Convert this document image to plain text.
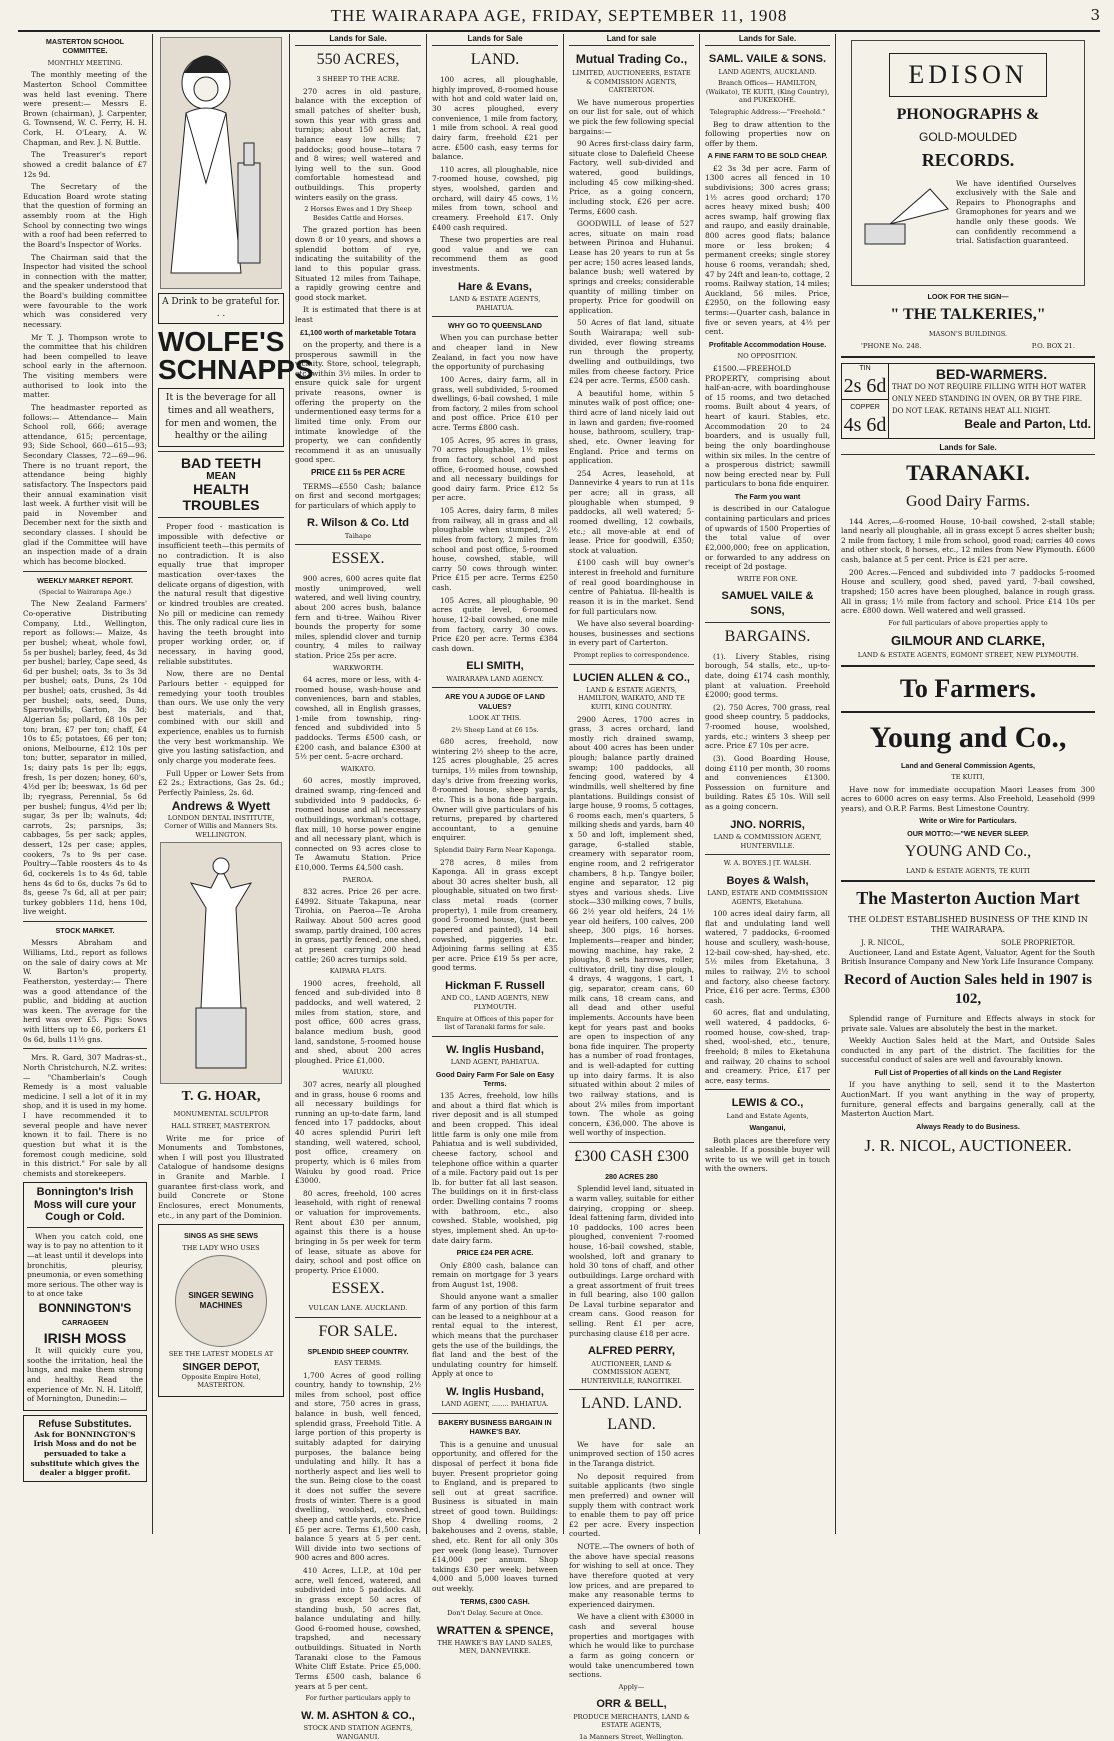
THE WAIRARAPA AGE, FRIDAY, SEPTEMBER 11, 1908	3
MASTERTON SCHOOL COMMITTEE.
MONTHLY MEETING.

The monthly meeting of the Masterton School Committee was held last evening. There were present:— Messrs E. Brown (chairman), J. Carpenter, G. Townsend, W. C. Ferry, H. H. Cork, H. O'Leary, A. W. Chapman, and Rev. J. N. Buttle.

The Treasurer's report showed a credit balance of £7 12s 9d.

The Secretary of the Education Board wrote stating that the question of forming an assembly room at the High School by connecting two wings with a roof had been referred to the Board's Inspector of Works.

The Chairman said that the Inspector had visited the school in connection with the matter, and the speaker understood that the Board's building committee were favourable to the work which was considered very necessary.

Mr T. J. Thompson wrote to the committee that his children had been compelled to leave school early in the afternoon. The visiting members were authorised to look into the matter.

The headmaster reported as follows:— Attendance— Main School roll, 666; average attendance, 615; percentage, 93; Side School, 660—615—93; Secondary Classes, 72—69—96. There is no truant report, the attendance being highly satisfactory. The Inspectors paid their annual examination visit last week. A further visit will be paid in November and December next for the sixth and secondary classes. I should be glad if the Committee will have an inspection made of a drain which has become blocked.

WEEKLY MARKET REPORT.
(Special to Wairarapa Age.)

The New Zealand Farmers' Co-operative Distributing Company, Ltd., Wellington, report as follows:— Maize, 4s per bushel; wheat, whole fowl, 5s per bushel; barley, feed, 4s 3d per bushel; barley, Cape seed, 4s 6d per bushel; oats, 3s to 3s 3d per bushel; oats, Duns, 2s 10d per bushel; oats, crushed, 3s 4d per bushel; oats, seed, Duns, Sparrowbills, Garton, 3s 3d; Algerian 5s; pollard, £8 10s per ton; bran, £7 per ton; chaff, £4 10s to £5; potatoes, £6 per ton; onions, Melbourne, £12 10s per ton; butter, separator in milled, 1s; dairy pats 1s per lb; eggs, fresh, 1s per dozen; honey, 60's, 4½d per lb; beeswax, 1s 6d per lb; ryegrass, Perennial, 5s 6d per bushel; fungus, 4½d per lb; sugar, 3s per lb; walnuts, 4d; carrots, 2s; parsnips, 3s; cabbages, 5s per sack; apples, dessert, 12s per case; apples, cookers, 7s to 9s per case. Poultry—Table roosters 4s to 4s 6d, cockerels 1s to 4s 6d, table hens 4s 6d to 6s, ducks 7s 6d to 8s, geese 7s 6d, all at per pair; turkey gobblers 11d, hens 10d, live weight.

STOCK MARKET.

Messrs Abraham and Williams, Ltd., report as follows on the sale of dairy cows at Mr W. Barton's property, Featherston, yesterday:— There was a good attendance of the public, and bidding at auction was keen. The average for the herd was over £5. Pigs: Sows with litters up to £6, porkers £1 0s 6d, bulls 11½ gns.

Mrs. R. Gard, 307 Madras-st., North Christchurch, N.Z. writes:— "Chamberlain's Cough Remedy is a most valuable medicine. I sell a lot of it in my shop, and it is used in my home. I have recommended it to several people and have never known it to fail. There is no question but what it is the foremost cough medicine, sold in this district." For sale by all chemists and storekeepers.

Bonnington's Irish Moss will cure your Cough or Cold.

When you catch cold, one way is to pay no attention to it—at least until it develops into bronchitis, pleurisy, pneumonia, or even something more serious. The other way is to at once take

BONNINGTON'S
CARRAGEEN
IRISH MOSS

It will quickly cure you, soothe the irritation, heal the lungs, and make them strong and healthy. Read the experience of Mr. N. H. Litolff, of Mornington, Dunedin:—

Refuse Substitutes.
Ask for BONNINGTON'S Irish Moss and do not be persuaded to take a substitute which gives the dealer a bigger profit.
A Drink to be grateful for. . .
WOLFE'S SCHNAPPS
It is the beverage for all times and all weathers, for men and women, the healthy or the ailing
BAD TEETH
MEAN
HEALTH TROUBLES

Proper food - mastication is impossible with defective or insufficient teeth—this permits of no contradiction. It is also equally true that improper mastication over-taxes the delicate organs of digestion, with the natural result that digestive or kindred troubles are created. No pill or medicine can remedy this. The only radical cure lies in having the teeth brought into proper working order, or, if necessary, in having good, reliable substitutes.

Now, there are no Dental Parlours better - equipped for remedying your tooth troubles than ours. We use only the very best materials, and that, combined with our skill and experience, enables us to furnish the very best workmanship. We give you lasting satisfaction, and only charge you moderate fees.

Full Upper or Lower Sets from £2 2s.; Extractions, Gas 2s. 6d.; Perfectly Painless, 2s. 6d.

Andrews & Wyett
LONDON DENTAL INSTITUTE, Corner of Willis and Manners Sts. WELLINGTON.
T. G. HOAR,
MONUMENTAL SCULPTOR
HALL STREET, MASTERTON.

Write me for price of Monuments and Tombstones, when I will post you Illustrated Catalogue of handsome designs in Granite and Marble. I guarantee first-class work, and build Concrete or Stone Enclosures, erect Monuments, etc., in any part of the Dominion.

SINGS AS SHE SEWS
THE LADY WHO USES
SINGER SEWING MACHINES
SEE THE LATEST MODELS AT
SINGER DEPOT,
Opposite Empire Hotel, MASTERTON.
Lands for Sale.
550 ACRES,
3 SHEEP TO THE ACRE.

270 acres in old pasture, balance with the exception of small patches of shelter bush, sown this year with grass and turnips; about 150 acres flat, balance easy low hills; 7 paddocks; good house—totara 7 and 8 wires; well watered and lying well to the sun. Good comfortable homestead and outbuildings. This property winters easily on the grass.

2 Horses Ewes and 1 Dry Sheep Besides Cattle and Horses.

The grazed portion has been down 8 or 10 years, and shows a splendid bottom of rye, indicating the suitability of the land to this popular grass. Situated 12 miles from Taihape, a rapidly growing centre and good stock market.

It is estimated that there is at least

£1,100 worth of marketable Totara

on the property, and there is a prosperous sawmill in the vicinity. Store, school, telegraph, etc. within 3½ miles. In order to ensure quick sale for urgent private reasons, owner is offering the property on the undermentioned easy terms for a limited time only. From our intimate knowledge of the property, we can confidently recommend it as an unusually good spec.

PRICE £11 5s PER ACRE

TERMS—£550 Cash; balance on first and second mortgages; for particulars of which apply to

R. Wilson & Co. Ltd
Taihape
ESSEX.

900 acres, 600 acres quite flat mostly unimproved, well watered, and well living country, about 200 acres bush, balance fern and ti-tree. Waihou River bounds the property for some miles, splendid clover and turnip country, 4 miles to railway station. Price 25s per acre.

WARKWORTH.

64 acres, more or less, with 4-roomed house, wash-house and conveniences, barn and stables, cowshed, all in English grasses, 1-mile from township, ring-fenced and subdivided into 5 paddocks. Terms £500 cash, or £200 cash, and balance £300 at 5½ per cent. 5-acre orchard.

WAIKATO.

60 acres, mostly improved, drained swamp, ring-fenced and subdivided into 9 paddocks, 6-roomed house and all necessary outbuildings, workman's cottage, flax mill, 10 horse power engine and all necessary plant, which is connected on 93 acres close to Te Awamutu Station. Price £10,000. Terms £4,500 cash.

PAEROA.

832 acres. Price 26 per acre. £4992. Situate Takapuna, near Tirohia, on Paeroa—Te Aroha Railway. About 500 acres good swamp, partly drained, 100 acres in grass, partly fenced, one shed, at present carrying 200 head cattle; 260 acres turnips sold.

KAIPARA FLATS.

1900 acres, freehold, all fenced and sub-divided into 8 paddocks, and well watered, 2 miles from station, store, and post office, 600 acres grass, balance medium bush, good land, sandstone, 5-roomed house and shed, about 200 acres ploughed. Price £1,000.

WAIUKU.

307 acres, nearly all ploughed and in grass, house 6 rooms and all necessary buildings for running an up-to-date farm, land fenced into 17 paddocks, about 40 acres splendid Puriri left standing, well watered, school, post office, creamery on property, which is 6 miles from Waiuku by good road. Price £3000.

80 acres, freehold, 100 acres leasehold, with right of renewal or valuation for improvements. Rent about £30 per annum, against this there is a house bringing in 5s per week for term of lease, situate as above for dairy, school and post office on property. Price £1000.

ESSEX.
VULCAN LANE. AUCKLAND.
FOR SALE.
SPLENDID SHEEP COUNTRY.
EASY TERMS.

1,700 Acres of good rolling country, handy to township, 2½ miles from school, post office and store, 750 acres in grass, balance in bush, well fenced, splendid grass, Freehold Title. A large portion of this property is suitably adapted for dairying purposes, the balance being undulating and hilly. It has a northerly aspect and lies well to the sun. Being close to the coast it does not suffer the severe frosts of winter. There is a good dwelling, woolshed, cowshed, sheep and cattle yards, etc. Price £5 per acre. Terms £1,500 cash, balance 5 years at 5 per cent. Will divide into two sections of 900 acres and 800 acres.

410 Acres, L.I.P., at 10d per acre, well fenced, watered, and subdivided into 5 paddocks. All in grass except 50 acres of standing bush, 50 acres flat, balance undulating and hilly. Good 6-roomed house, cowshed, trapshed, and necessary outbuildings. Situated in North Taranaki close to the Famous White Cliff Estate. Price £5,000. Terms £500 cash, balance 6 years at 5 per cent.

For further particulars apply to
W. M. ASHTON & CO.,
STOCK AND STATION AGENTS, WANGANUI.
Lands for Sale
LAND.

100 acres, all ploughable, highly improved, 8-roomed house with hot and cold water laid on, 30 acres ploughed, every convenience, 1 mile from factory, 1 mile from school. A real good dairy farm, freehold £21 per acre. £500 cash, easy terms for balance.

110 acres, all ploughable, nice 7-roomed house, cowshed, pig styes, woolshed, garden and orchard, will dairy 45 cows, 1½ miles from town, school and creamery. Freehold £17. Only £400 cash required.

These two properties are real good value and we can recommend them as good investments.

Hare & Evans,
LAND & ESTATE AGENTS, PAHIATUA.
WHY GO TO QUEENSLAND

When you can purchase better and cheaper land in New Zealand, in fact you now have the opportunity of purchasing

100 Acres, dairy farm, all in grass, well subdivided, 5-roomed dwellings, 6-bail cowshed, 1 mile from factory, 2 miles from school and post office. Price £10 per acre. Terms £800 cash.

105 Acres, 95 acres in grass, 70 acres ploughable, 1½ miles from factory, school and post office, 6-roomed house, cowshed and all necessary buildings for good dairy farm. Price £12 5s per acre.

105 Acres, dairy farm, 8 miles from railway, all in grass and all ploughable when stumped, 2½ miles from factory, 2 miles from school and post office, 5-roomed house, cowshed, stable, will carry 50 cows through winter. Price £15 per acre. Terms £250 cash.

105 Acres, all ploughable, 90 acres quite level, 6-roomed house, 12-bail cowshed, one mile from factory, carry 30 cows. Price £20 per acre. Terms £384 cash down.

ELI SMITH,
WAIRARAPA LAND AGENCY.
ARE YOU A JUDGE OF LAND VALUES?
LOOK AT THIS.
2½ Sheep Land at £6 15s.

680 acres, freehold, now wintering 2½ sheep to the acre, 125 acres ploughable, 25 acres turnips, 1½ miles from township, day's drive from freezing works, 8-roomed house, sheep yards, etc. This is a bona fide bargain. Owner will give particulars of his returns, prepared by chartered accountant, to a genuine enquirer.

Splendid Dairy Farm Near Kaponga.

278 acres, 8 miles from Kaponga. All in grass except about 30 acres shelter bush, all ploughable, situated on two first-class metal roads (corner property), 1 mile from creamery, good 5-roomed house, (just been papered and painted), 14 bail cowshed, piggeries etc. Adjoining farms selling at £35 per acre. Price £19 5s per acre, good terms.

Hickman F. Russell
AND CO., LAND AGENTS, NEW PLYMOUTH.
Enquire at Offices of this paper for list of Taranaki farms for sale.
W. Inglis Husband,
LAND AGENT, PAHIATUA.
Good Dairy Farm For Sale on Easy Terms.

135 Acres, freehold, low hills and about a third flat which is river deposit and is all stumped and been cropped. This ideal little farm is only one mile from Pahiatua and is well subdivided, cheese factory, school and telephone office within a quarter of a mile. Factory paid out 1s per lb. for butter fat all last season. The buildings on it in first-class order. Dwelling contains 7 rooms with bathroom, etc., also cowshed. Stable, woolshed, pig styes, implement shed. An up-to-date dairy farm.

PRICE £24 PER ACRE.

Only £800 cash, balance can remain on mortgage for 3 years from August 1st, 1908.

Should anyone want a smaller farm of any portion of this farm can be leased to a neighbour at a rental equal to the interest, which means that the purchaser gets the use of the buildings, the flat land and the best of the undulating country for himself. Apply at once to

W. Inglis Husband,
LAND AGENT, ........ PAHIATUA.
BAKERY BUSINESS BARGAIN IN HAWKE'S BAY.

This is a genuine and unusual opportunity, and offered for the disposal of perfect it bona fide buyer. Present proprietor going to England, and is prepared to sell out at great sacrifice. Business is situated in main street of good town. Buildings: Shop 4 dwelling rooms, 2 bakehouses and 2 ovens, stable, shed, etc. Rent for all only 30s per week (long lease). Turnover £14,000 per annum. Shop takings £30 per week; between 4,000 and 5,000 loaves turned out weekly.

TERMS, £300 CASH.
Don't Delay. Secure at Once.
WRATTEN & SPENCE,
THE HAWKE'S BAY LAND SALES, MEN, DANNEVIRKE.
Land for sale
Mutual Trading Co.,
LIMITED, AUCTIONEERS, ESTATE & COMMISSION AGENTS, CARTERTON.

We have numerous properties on our list for sale, out of which we pick the few following special bargains:—

90 Acres first-class dairy farm, situate close to Dalefield Cheese Factory, well sub-divided and watered, good buildings, including 45 cow milking-shed. Price, as a going concern, including stock, £26 per acre. Terms, £600 cash.

GOODWILL of lease of 527 acres, situate on main road between Pirinoa and Huhanui. Lease has 20 years to run at 5s per acre; 150 acres leased lands, balance bush; well watered by springs and creeks; considerable quantity of milling timber on property. Price for goodwill on application.

50 Acres of flat land, situate South Wairarapa; well sub-divided, ever flowing streams run through the property, dwelling and outbuildings, two miles from cheese factory. Price £24 per acre. Terms, £500 cash.

A beautiful home, within 5 minutes walk of post office; one-third acre of land nicely laid out in lawn and garden; five-roomed house, bathroom, scullery, trap-shed, etc. Owner leaving for England. Price and terms on application.

254 Acres, leasehold, at Dannevirke 4 years to run at 11s per acre; all in grass, all ploughable when stumped, 9 paddocks, all well watered; 5-roomed dwelling, 12 cowbails, etc.; all move-able at end of lease. Price for goodwill, £350; stock at valuation.

£100 cash will buy owner's interest in freehold and furniture of real good boardinghouse in centre of Pahiatua. Ill-health is reason it is in the market. Send for full particulars now.

We have also several boarding-houses, businesses and sections in every part of Carterton.

Prompt replies to correspondence.
LUCIEN ALLEN & CO.,
LAND & ESTATE AGENTS, HAMILTON, WAIKATO, AND TE KUITI, KING COUNTRY.

2900 Acres, 1700 acres in grass, 3 acres orchard, land mostly rich drained swamp, about 400 acres has been under plough; balance partly drained swamp; 100 paddocks, all fencing good, watered by 4 windmills, well sheltered by fine plantations. Buildings consist of large house, 9 rooms, 5 cottages, 6 rooms each, men's quarters, 5 milking sheds and yards, barn 40 x 50 and loft, implement shed, garage, 6-stalled stable, creamery with separator room, engine room, and 2 refrigerator chambers, 8 h.p. Tangye boiler, engine and separator, 12 pig styes and various sheds. Live stock—330 milking cows, 7 bulls, 66 2½ year old heifers, 24 1½ year old heifers, 100 calves, 200 sheep, 300 pigs, 16 horses. Implements—reaper and binder, mowing machine, hay rake, 2 ploughs, 8 sets harrows, roller, cultivator, drill, tiny dise plough, 4 drays, 4 waggons, 1 cart, 1 gig, separator, cream cans, 60 milk cans, 18 cream cans, and all dead and other useful implements. Accounts have been kept for years past and books are open to inspection of any bona fide inquirer. The property has a number of road frontages, and is well-adapted for cutting up into dairy farms. It is also situated within about 2 miles of two railway stations, and is about 2¼ miles from important town. The whole as going concern, £36,000. The above is well worthy of inspection.

£300 CASH £300
280 ACRES 280

Splendid level land, situated in a warm valley, suitable for either dairying, cropping or sheep. Ideal fattening farm, divided into 10 paddocks, 100 acres been ploughed, convenient 7-roomed house, 16-bail cowshed, stable, woolshed, loft and granary to hold 30 tons of chaff, and other outbuildings. Large orchard with a great assortment of fruit trees in full bearing, also 100 gallon De Laval turbine separator and cream cans. Good reason for selling. Rent £1 per acre, purchasing clause £18 per acre.

ALFRED PERRY,
AUCTIONEER, LAND & COMMISSION AGENT, HUNTERVILLE, RANGITIKEI.
LAND. LAND. LAND.

We have for sale an unimproved section of 150 acres in the Taranga district.

No deposit required from suitable applicants (two single men preferred) and owner will supply them with contract work to enable them to pay off price £2 per acre. Every inspection courted.

NOTE.—The owners of both of the above have special reasons for wishing to sell at once. They have therefore quoted at very low prices, and are prepared to make any reasonable terms to experienced dairymen.

We have a client with £3000 in cash and several house properties and mortgages with which he would like to purchase a farm as going concern or would take unencumbered town sections.

Apply—
ORR & BELL,
PRODUCE MERCHANTS, LAND & ESTATE AGENTS,
1a Manners Street, Wellington.
Lands for Sale.
SAML. VAILE & SONS.
LAND AGENTS, AUCKLAND.
Branch Offices— HAMILTON, (Waikato), TE KUITI, (King Country), and PUKEKOHE.
Telegraphic Address:—"Freehold."

Beg to draw attention to the following properties now on offer by them.

A FINE FARM TO BE SOLD CHEAP.

£2 3s 3d per acre. Farm of 1300 acres all fenced in 10 subdivisions; 300 acres grass; 1½ acres good orchard; 170 acres heavy mixed bush; 400 acres swamp, half growing flax and raupo, and easily drainable, 800 acres good flats; balance more or less broken; 4 permanent creeks; single storey house 6 rooms, verandah; shed, 47 by 24ft and lean-to, cottage, 2 rooms. Railway station, 14 miles; Auckland, 56 miles. Price, £2950, on the following easy terms:—Quarter cash, balance in five or seven years, at 4½ per cent.

Profitable Accommodation House.
NO OPPOSITION.

£1500.—FREEHOLD PROPERTY, comprising about half-an-acre, with boardinghouse of 15 rooms, and two detached rooms. Built about 4 years, of heart of kauri. Stables, etc. Accommodation 20 to 24 boarders, and is usually full, being the only boardinghouse within six miles. In the centre of a prosperous district; sawmill now being erected near by. Full particulars to bona fide enquirer.

The Farm you want

is described in our Catalogue containing particulars and prices of upwards of 1500 Properties of the total value of over £2,000,000; free on application, or forwarded to any address on receipt of 2d postage.

WRITE FOR ONE.
SAMUEL VAILE & SONS,
BARGAINS.

(1). Livery Stables, rising borough, 54 stalls, etc., up-to-date, doing £174 cash monthly, plant at valuation. Freehold £2000; good terms.

(2). 750 Acres, 700 grass, real good sheep country, 5 paddocks, 7-roomed house, woolshed, yards, etc.; winters 3 sheep per acre. Price £7 10s per acre.

(3). Good Boarding House, doing £110 per month, 30 rooms and conveniences £1300. Possession on furniture and building. Rates £5 10s. Will sell as a going concern.

JNO. NORRIS,
LAND & COMMISSION AGENT, HUNTERVILLE.
W. A. BOYES.] [T. WALSH.
Boyes & Walsh,
LAND, ESTATE AND COMMISSION AGENTS, Eketahuna.

100 acres ideal dairy farm, all flat and undulating land well watered, 7 paddocks, 6-roomed house and scullery, wash-house, 12-bail cow-shed, hay-shed, etc. 5½ miles from Eketahuna, 3 miles to railway, 2½ to school and factory, also cheese factory. Price, £16 per acre. Terms, £300 cash.

60 acres, flat and undulating, well watered, 4 paddocks, 6-roomed house, cow-shed, trap-shed, wool-shed, etc., tenure, freehold; 8 miles to Eketahuna and railway, 20 chains to school and creamery. Price, £17 per acre, easy terms.

LEWIS & CO.,
Land and Estate Agents,
Wanganui,

Both places are therefore very saleable. If a possible buyer will write to us we will get in touch with the owners.

EDISON
PHONOGRAPHS &
GOLD-MOULDED
RECORDS.
We have identified Ourselves exclusively with the Sale and Repairs to Phonographs and Gramophones for years and we handle only these goods. We can confidently recommend a trial. Satisfaction guaranteed.
LOOK FOR THE SIGN—
" THE TALKERIES,"
MASON'S BUILDINGS.
'PHONE No. 248.	P.O. BOX 21.
TIN
2s 6d
COPPER
4s 6d
BED-WARMERS.
THAT DO NOT REQUIRE FILLING WITH HOT WATER ONLY NEED STANDING IN OVEN, OR BY THE FIRE. DO NOT LEAK. RETAINS HEAT ALL NIGHT.
Beale and Parton, Ltd.
Lands for Sale.
TARANAKI.
Good Dairy Farms.

144 Acres,—6-roomed House, 10-bail cowshed, 2-stall stable; land nearly all ploughable, all in grass except 5 acres shelter bush; 2 mile from factory, 1 mile from school, good road; carries 40 cows and other stock, 8 horses, etc., 12 miles from New Plymouth. £600 cash, balance at 5 per cent. Price is £21 per acre.

200 Acres.—Fenced and subdivided into 7 paddocks 5-roomed House and scullery, good shed, paved yard, 7-bail cowshed, trapshed; 150 acres have been ploughed, balance in rough grass. All in grass; 1½ mile from factory and school. Price £14 10s per acre. £800 down. Well watered and well grassed.

For full particulars of above properties apply to
GILMOUR AND CLARKE,
LAND & ESTATE AGENTS, EGMONT STREET, NEW PLYMOUTH.
To Farmers.
Young and Co.,
Land and General Commission Agents,
TE KUITI,

Have now for immediate occupation Maori Leases from 300 acres to 6000 acres on easy terms. Also Freehold, Leasehold (999 years), and O.R.P. Farms. Best Limestone Country.

Write or Wire for Particulars.
OUR MOTTO:—"WE NEVER SLEEP.
YOUNG AND Co.,
LAND & ESTATE AGENTS, TE KUITI
The Masterton Auction Mart
THE OLDEST ESTABLISHED BUSINESS OF THE KIND IN THE WAIRARAPA.
J. R. NICOL,	SOLE PROPRIETOR.

Auctioneer, Land and Estate Agent, Valuator, Agent for the South British Insurance Company and New York Life Insurance Company.

Record of Auction Sales held in 1907 is 102,

Splendid range of Furniture and Effects always in stock for private sale. Values are absolutely the best in the market.

Weekly Auction Sales held at the Mart, and Outside Sales conducted in any part of the district. The facilities for the successful conduct of sales are well and favourably known.

Full List of Properties of all kinds on the Land Register

If you have anything to sell, send it to the Masterton AuctionMart. If you want anything in the way of property, furniture, general effects and bargains generally, call at the Masterton Auction Mart.

Always Ready to do Business.
J. R. NICOL, AUCTIONEER.
